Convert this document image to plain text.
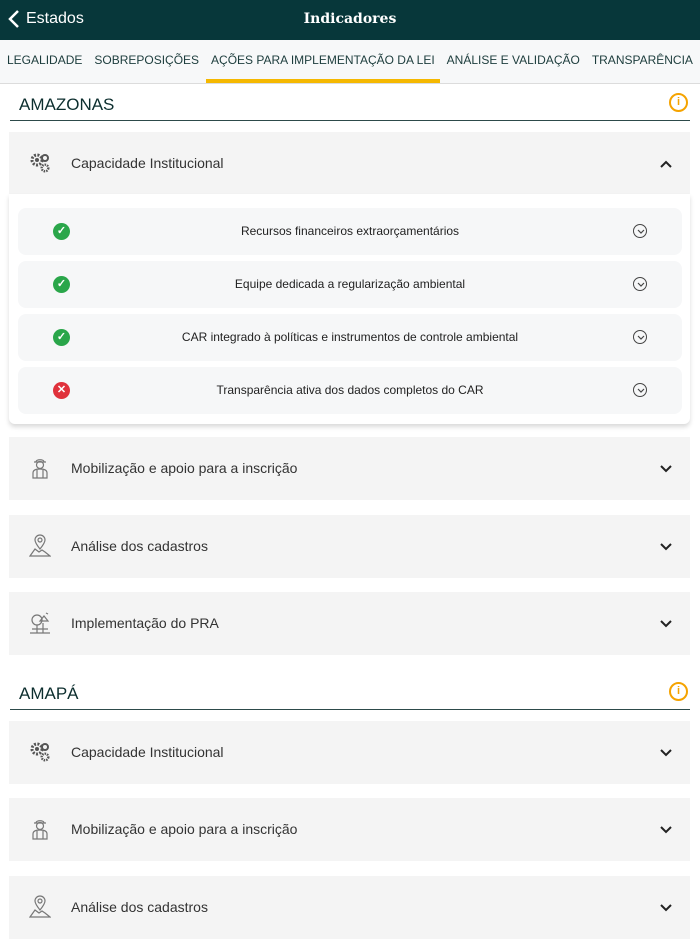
Estados	Indicadores
LEGALIDADE SOBREPOSIÇÕES AÇÕES PARA IMPLEMENTAÇÃO DA LEI ANÁLISE E VALIDAÇÃO TRANSPARÊNCIA
AMAZONAS	i
Capacidade Institucional
✓	Recursos financeiros extraorçamentários
✓	Equipe dedicada a regularização ambiental
✓	CAR integrado à políticas e instrumentos de controle ambiental
✕	Transparência ativa dos dados completos do CAR
Mobilização e apoio para a inscrição
Análise dos cadastros
Implementação do PRA
AMAPÁ	i
Capacidade Institucional
Mobilização e apoio para a inscrição
Análise dos cadastros
